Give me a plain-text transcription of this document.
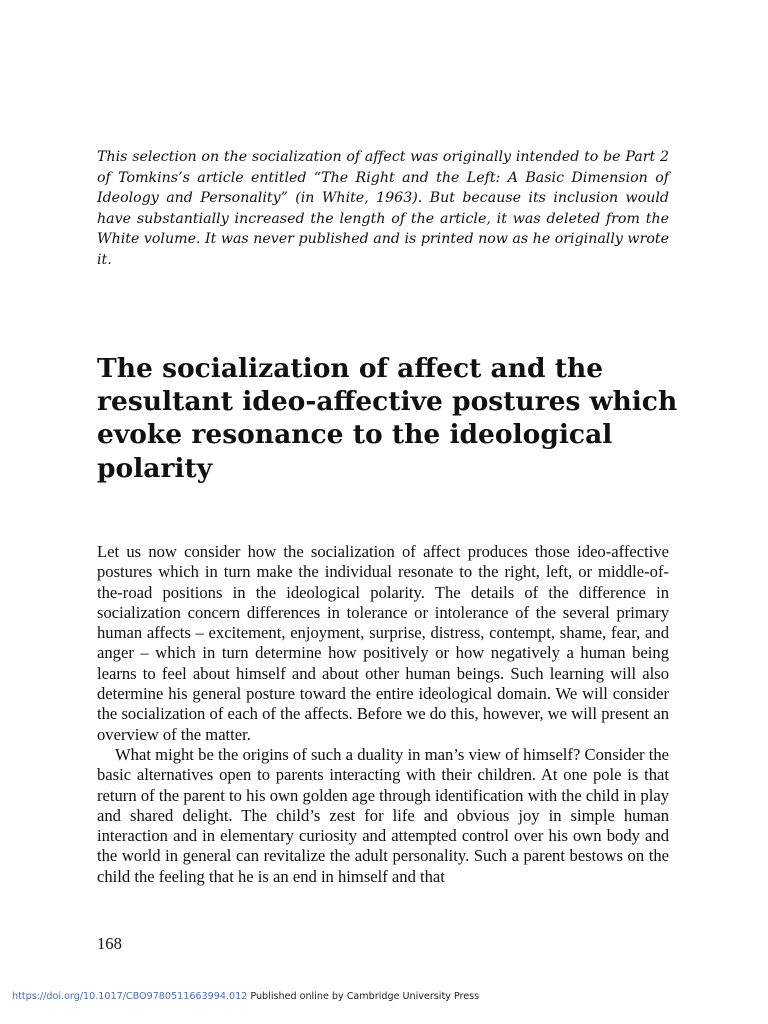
This selection on the socialization of affect was originally intended to be Part 2 of Tomkins’s article entitled “The Right and the Left: A Basic Dimension of Ideology and Personality” (in White, 1963). But because its inclusion would have substantially increased the length of the article, it was deleted from the White volume. It was never published and is printed now as he originally wrote it.
The socialization of affect and the resultant ideo-affective postures which evoke resonance to the ideological polarity

Let us now consider how the socialization of affect produces those ideo-affective postures which in turn make the individual resonate to the right, left, or middle-of-the-road positions in the ideological polarity. The details of the difference in socialization concern differences in tolerance or intolerance of the several primary human affects – excitement, enjoyment, surprise, distress, contempt, shame, fear, and anger – which in turn determine how positively or how negatively a human being learns to feel about himself and about other human beings. Such learning will also determine his general posture toward the entire ideological domain. We will consider the socialization of each of the affects. Before we do this, however, we will present an overview of the matter.

What might be the origins of such a duality in man’s view of himself? Consider the basic alternatives open to parents interacting with their children. At one pole is that return of the parent to his own golden age through identification with the child in play and shared delight. The child’s zest for life and obvious joy in simple human interaction and in elementary curiosity and attempted control over his own body and the world in general can revitalize the adult personality. Such a parent bestows on the child the feeling that he is an end in himself and that

168
https://doi.org/10.1017/CBO9780511663994.012 Published online by Cambridge University Press
